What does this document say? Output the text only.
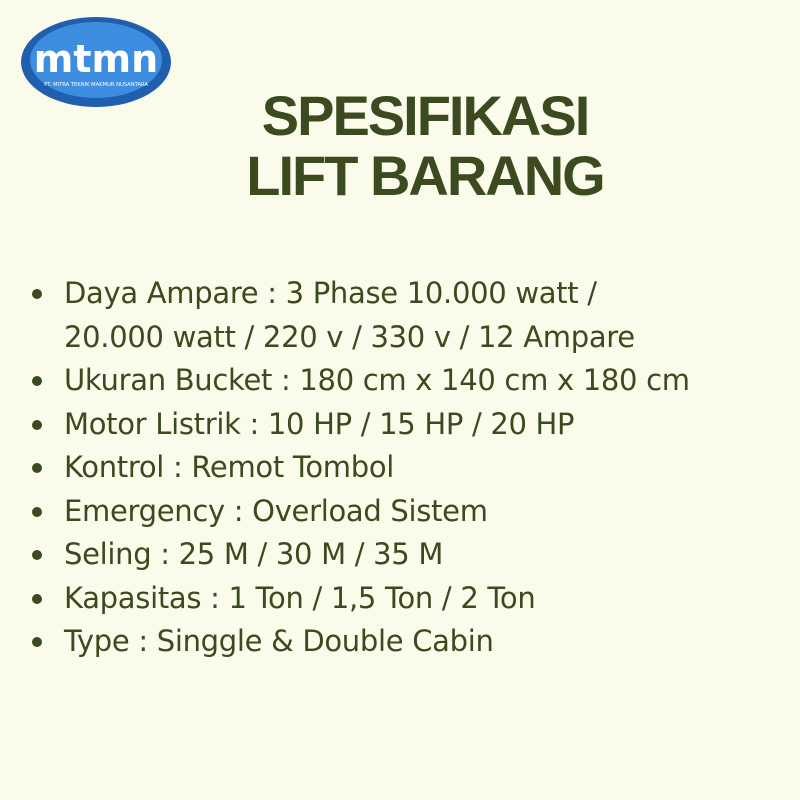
mtmn
PT. MITRA TEKNIK MAKMUR NUSANTARA	SPESIFIKASI
LIFT BARANG
Daya Ampare : 3 Phase 10.000 watt /
20.000 watt / 220 v / 330 v / 12 Ampare
Ukuran Bucket : 180 cm x 140 cm x 180 cm
Motor Listrik : 10 HP / 15 HP / 20 HP
Kontrol : Remot Tombol
Emergency : Overload Sistem
Seling : 25 M / 30 M / 35 M
Kapasitas : 1 Ton / 1,5 Ton / 2 Ton
Type : Singgle & Double Cabin
